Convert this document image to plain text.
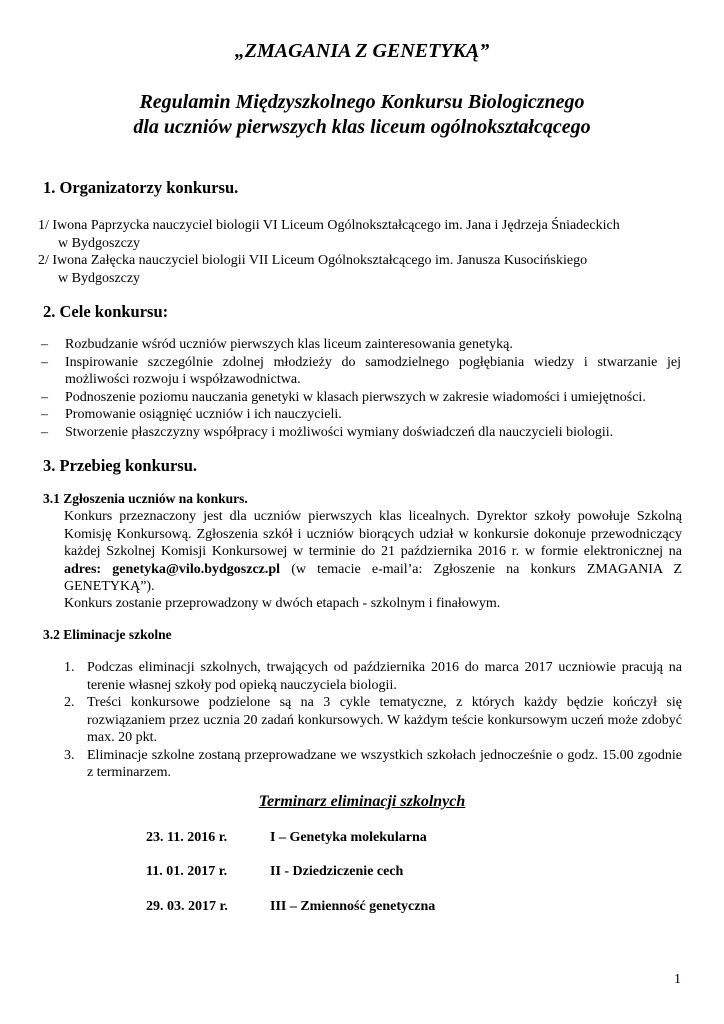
„ZMAGANIA Z GENETYKĄ”
Regulamin Międzyszkolnego Konkursu Biologicznego
dla uczniów pierwszych klas liceum ogólnokształcącego
1. Organizatorzy konkursu.
1/ Iwona Paprzycka nauczyciel biologii VI Liceum Ogólnokształcącego im. Jana i Jędrzeja Śniadeckich
w Bydgoszczy
2/ Iwona Załęcka nauczyciel biologii VII Liceum Ogólnokształcącego im. Janusza Kusocińskiego
w Bydgoszczy
2. Cele konkursu:
–	Rozbudzanie wśród uczniów pierwszych klas liceum zainteresowania genetyką.
–	Inspirowanie szczególnie zdolnej młodzieży do samodzielnego pogłębiania wiedzy i stwarzanie jej możliwości rozwoju i współzawodnictwa.
–	Podnoszenie poziomu nauczania genetyki w klasach pierwszych w zakresie wiadomości i umiejętności.
–	Promowanie osiągnięć uczniów i ich nauczycieli.
–	Stworzenie płaszczyzny współpracy i możliwości wymiany doświadczeń dla nauczycieli biologii.
3. Przebieg konkursu.
3.1 Zgłoszenia uczniów na konkurs.
Konkurs przeznaczony jest dla uczniów pierwszych klas licealnych. Dyrektor szkoły powołuje Szkolną Komisję Konkursową. Zgłoszenia szkół i uczniów biorących udział w konkursie dokonuje przewodniczący każdej Szkolnej Komisji Konkursowej w terminie do 21 października 2016 r. w formie elektronicznej na adres: genetyka@vilo.bydgoszcz.pl (w temacie e-mail’a: Zgłoszenie na konkurs ZMAGANIA Z GENETYKĄ”).
Konkurs zostanie przeprowadzony w dwóch etapach - szkolnym i finałowym.
3.2 Eliminacje szkolne
1. Podczas eliminacji szkolnych, trwających od października 2016 do marca 2017 uczniowie pracują na terenie własnej szkoły pod opieką nauczyciela biologii.
2. Treści konkursowe podzielone są na 3 cykle tematyczne, z których każdy będzie kończył się rozwiązaniem przez ucznia 20 zadań konkursowych. W każdym teście konkursowym uczeń może zdobyć max. 20 pkt.
3. Eliminacje szkolne zostaną przeprowadzane we wszystkich szkołach jednocześnie o godz. 15.00 zgodnie z terminarzem.
Terminarz eliminacji szkolnych
23. 11. 2016 r.	I – Genetyka molekularna
11. 01. 2017 r.	II - Dziedziczenie cech
29. 03. 2017 r.	III – Zmienność genetyczna
1
